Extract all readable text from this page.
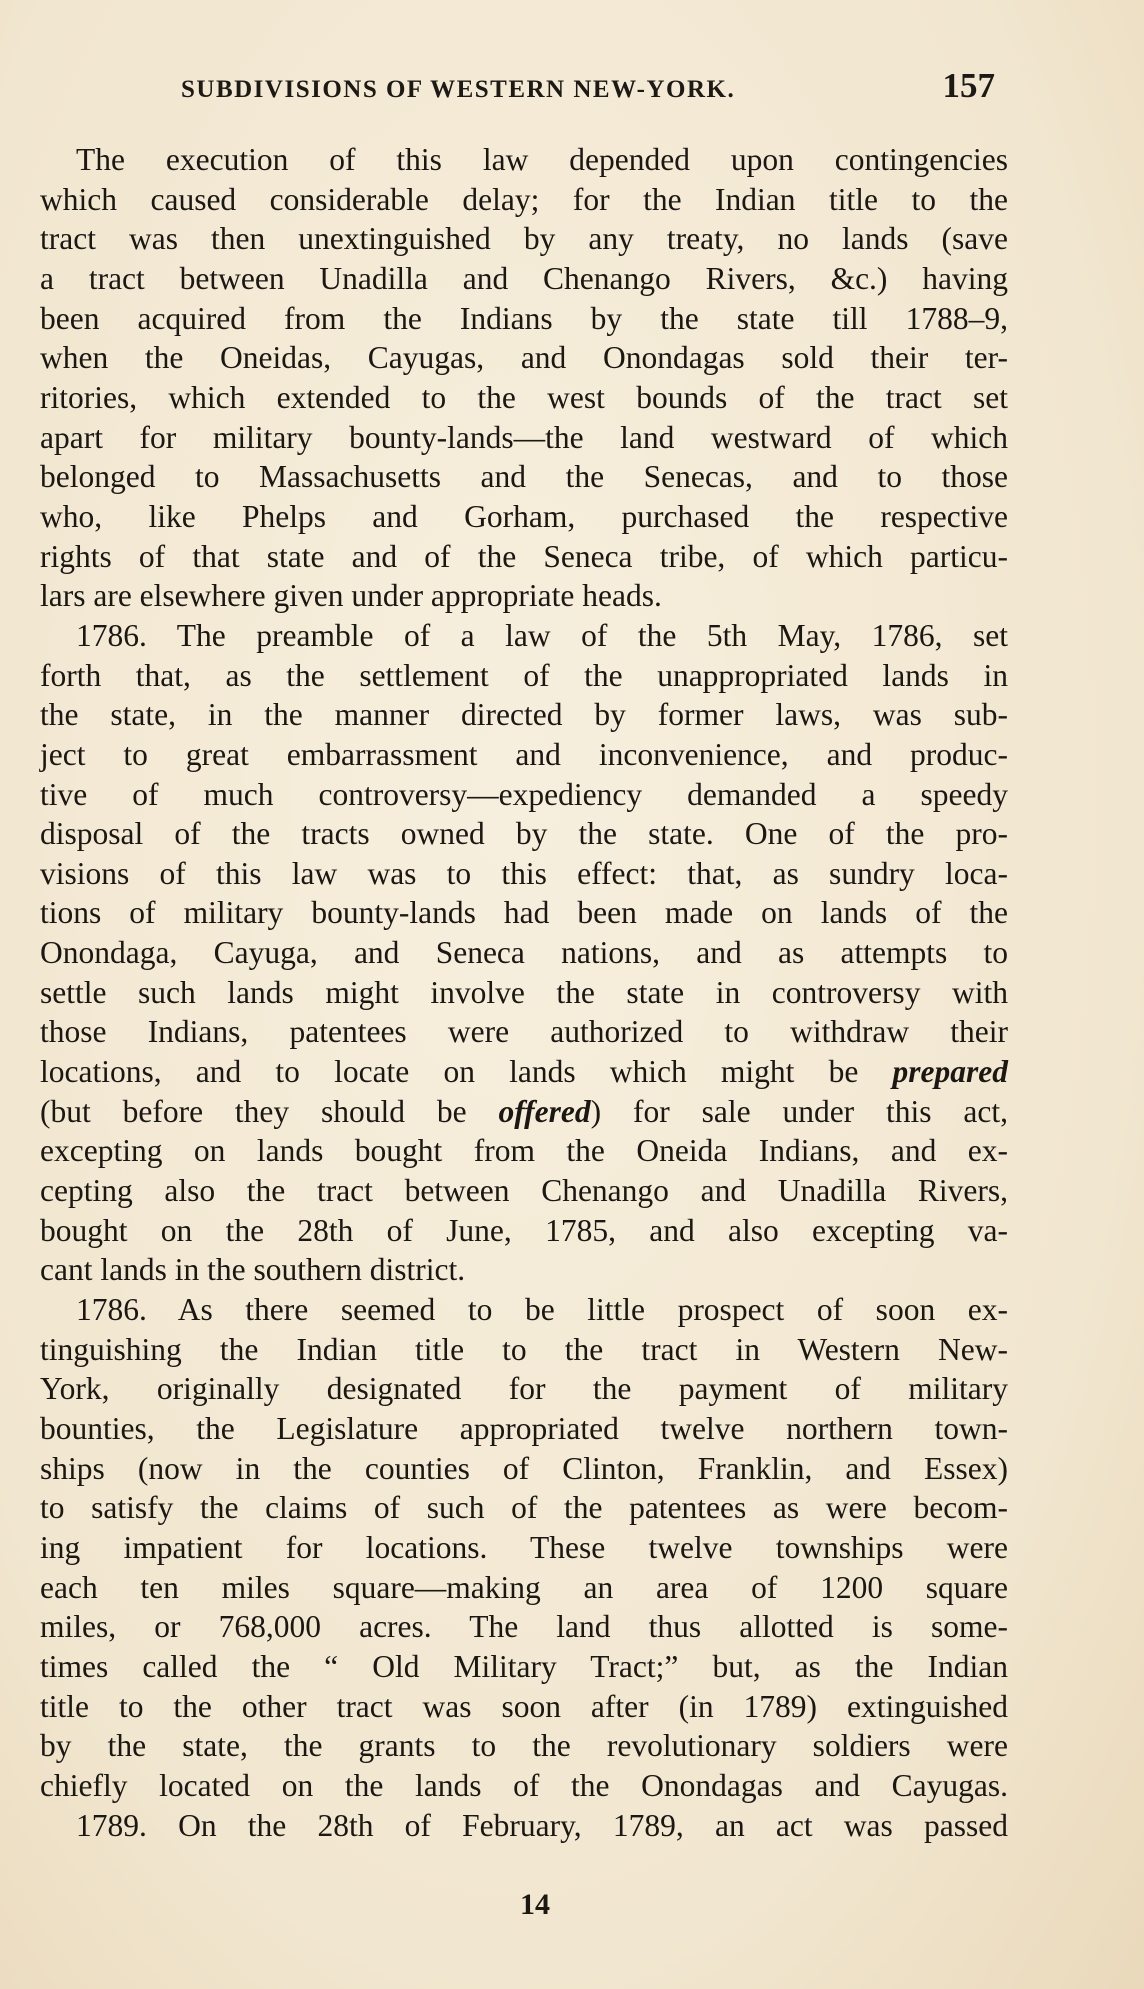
SUBDIVISIONS OF WESTERN NEW-YORK.	157

The execution of this law depended upon contingencies

which caused considerable delay; for the Indian title to the
tract was then unextinguished by any treaty, no lands (save
a tract between Unadilla and Chenango Rivers, &c.) having
been acquired from the Indians by the state till 1788–9,
when the Oneidas, Cayugas, and Onondagas sold their ter-
ritories, which extended to the west bounds of the tract set
apart for military bounty-lands—the land westward of which
belonged to Massachusetts and the Senecas, and to those
who, like Phelps and Gorham, purchased the respective
rights of that state and of the Seneca tribe, of which particu-
lars are elsewhere given under appropriate heads.

1786. The preamble of a law of the 5th May, 1786, set

forth that, as the settlement of the unappropriated lands in
the state, in the manner directed by former laws, was sub-
ject to great embarrassment and inconvenience, and produc-
tive of much controversy—expediency demanded a speedy
disposal of the tracts owned by the state. One of the pro-
visions of this law was to this effect: that, as sundry loca-
tions of military bounty-lands had been made on lands of the
Onondaga, Cayuga, and Seneca nations, and as attempts to
settle such lands might involve the state in controversy with
those Indians, patentees were authorized to withdraw their
locations, and to locate on lands which might be prepared
(but before they should be offered) for sale under this act,
excepting on lands bought from the Oneida Indians, and ex-
cepting also the tract between Chenango and Unadilla Rivers,
bought on the 28th of June, 1785, and also excepting va-
cant lands in the southern district.

1786. As there seemed to be little prospect of soon ex-

tinguishing the Indian title to the tract in Western New-
York, originally designated for the payment of military
bounties, the Legislature appropriated twelve northern town-
ships (now in the counties of Clinton, Franklin, and Essex)
to satisfy the claims of such of the patentees as were becom-
ing impatient for locations. These twelve townships were
each ten miles square—making an area of 1200 square
miles, or 768,000 acres. The land thus allotted is some-
times called the “ Old Military Tract;” but, as the Indian
title to the other tract was soon after (in 1789) extinguished
by the state, the grants to the revolutionary soldiers were
chiefly located on the lands of the Onondagas and Cayugas.

1789. On the 28th of February, 1789, an act was passed

14
